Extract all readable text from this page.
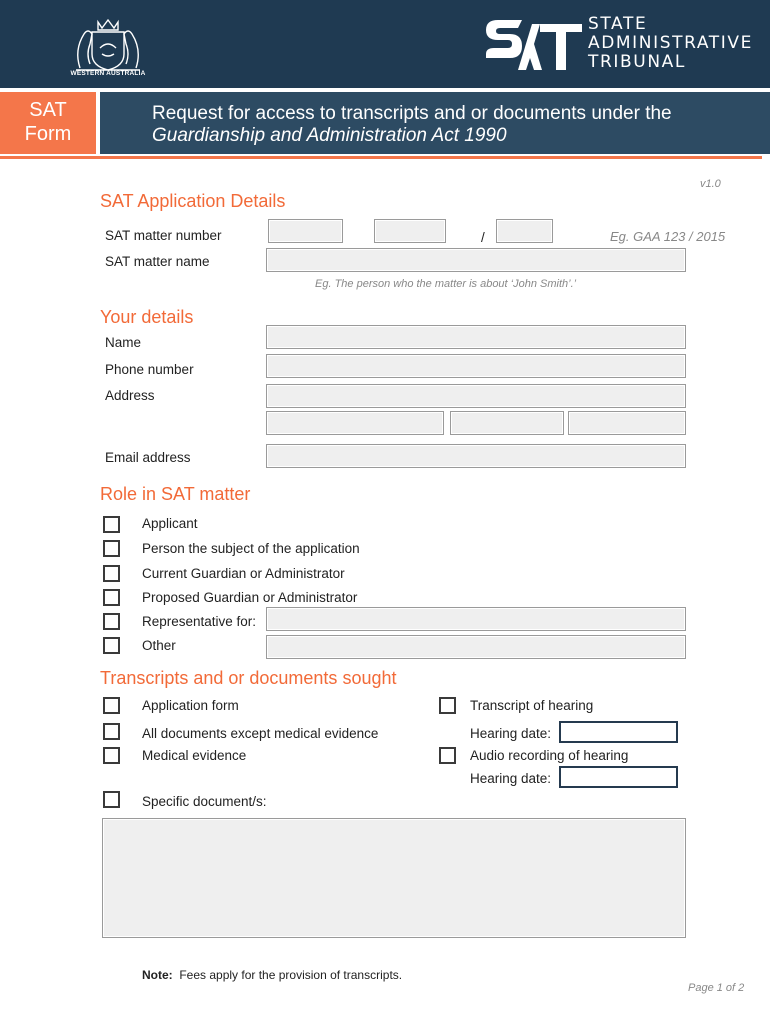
WESTERN AUSTRALIA
STATE
ADMINISTRATIVE
TRIBUNAL
SAT
Form
Request for access to transcripts and or documents under the
Guardianship and Administration Act 1990
v1.0
SAT Application Details
SAT matter number	/	Eg. GAA 123 / 2015
SAT matter name
Eg. The person who the matter is about ‘John Smith’.’
Your details
Name
Phone number
Address
Email address
Role in SAT matter
Applicant
Person the subject of the application
Current Guardian or Administrator
Proposed Guardian or Administrator
Representative for:
Other
Transcripts and or documents sought
Application form
All documents except medical evidence
Medical evidence
Transcript of hearing
Hearing date:
Audio recording of hearing
Hearing date:
Specific document/s:
Note: Fees apply for the provision of transcripts.
Page 1 of 2
